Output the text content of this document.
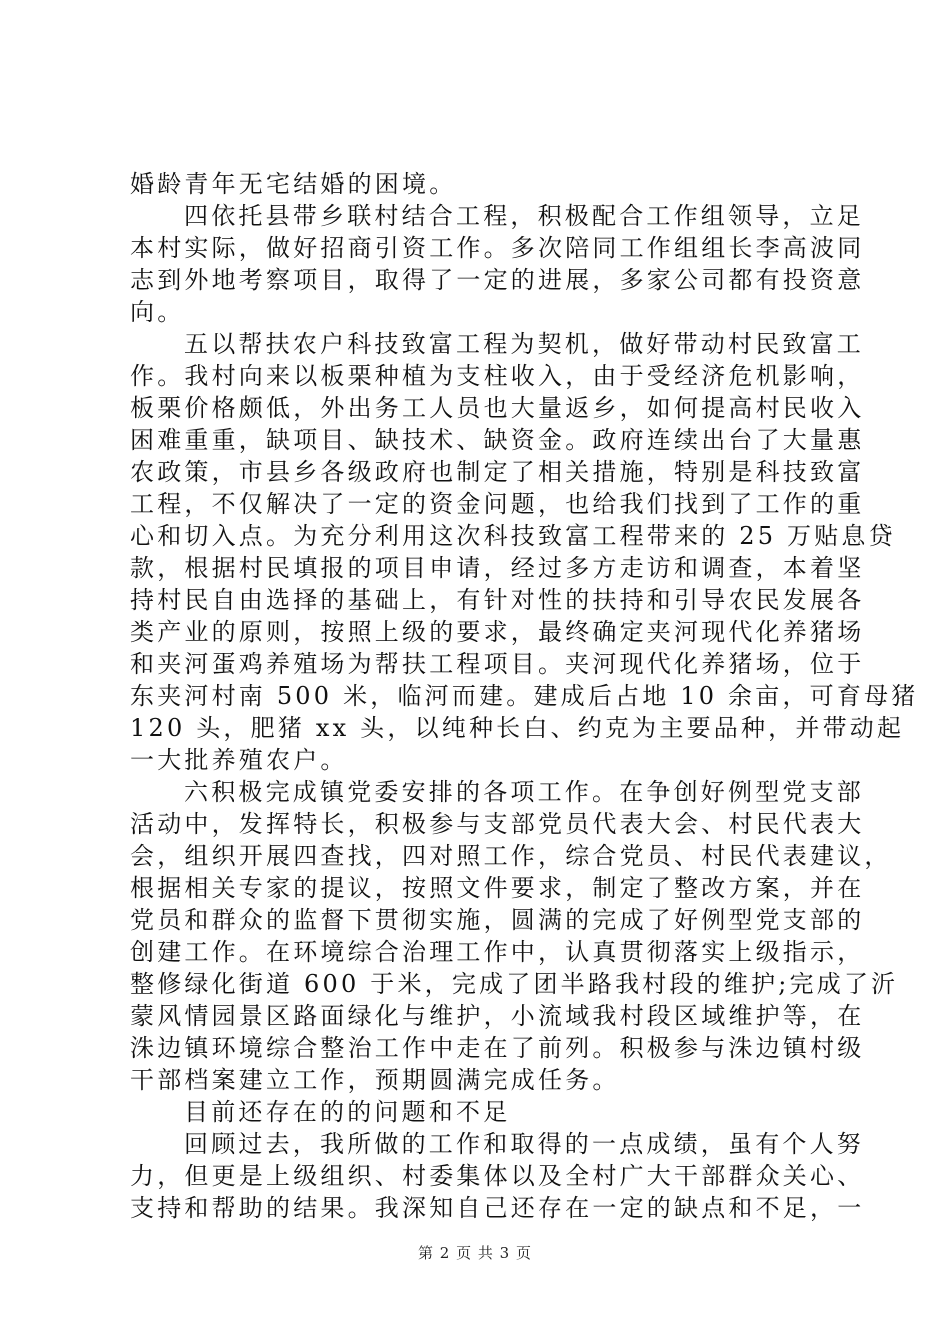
婚龄青年无宅结婚的困境。
四依托县带乡联村结合工程，积极配合工作组领导，立足
本村实际，做好招商引资工作。多次陪同工作组组长李高波同
志到外地考察项目，取得了一定的进展，多家公司都有投资意
向。
五以帮扶农户科技致富工程为契机，做好带动村民致富工
作。我村向来以板栗种植为支柱收入，由于受经济危机影响，
板栗价格颇低，外出务工人员也大量返乡，如何提高村民收入
困难重重，缺项目、缺技术、缺资金。政府连续出台了大量惠
农政策，市县乡各级政府也制定了相关措施，特别是科技致富
工程，不仅解决了一定的资金问题，也给我们找到了工作的重
心和切入点。为充分利用这次科技致富工程带来的 25 万贴息贷
款，根据村民填报的项目申请，经过多方走访和调查，本着坚
持村民自由选择的基础上，有针对性的扶持和引导农民发展各
类产业的原则，按照上级的要求，最终确定夹河现代化养猪场
和夹河蛋鸡养殖场为帮扶工程项目。夹河现代化养猪场，位于
东夹河村南 500 米，临河而建。建成后占地 10 余亩，可育母猪
120 头，肥猪 xx 头，以纯种长白、约克为主要品种，并带动起
一大批养殖农户。
六积极完成镇党委安排的各项工作。在争创好例型党支部
活动中，发挥特长，积极参与支部党员代表大会、村民代表大
会，组织开展四查找，四对照工作，综合党员、村民代表建议，
根据相关专家的提议，按照文件要求，制定了整改方案，并在
党员和群众的监督下贯彻实施，圆满的完成了好例型党支部的
创建工作。在环境综合治理工作中，认真贯彻落实上级指示，
整修绿化街道 600 于米，完成了团半路我村段的维护;完成了沂
蒙风情园景区路面绿化与维护，小流域我村段区域维护等，在
洙边镇环境综合整治工作中走在了前列。积极参与洙边镇村级
干部档案建立工作，预期圆满完成任务。
目前还存在的的问题和不足
回顾过去，我所做的工作和取得的一点成绩，虽有个人努
力，但更是上级组织、村委集体以及全村广大干部群众关心、
支持和帮助的结果。我深知自己还存在一定的缺点和不足，一
第 2 页 共 3 页
